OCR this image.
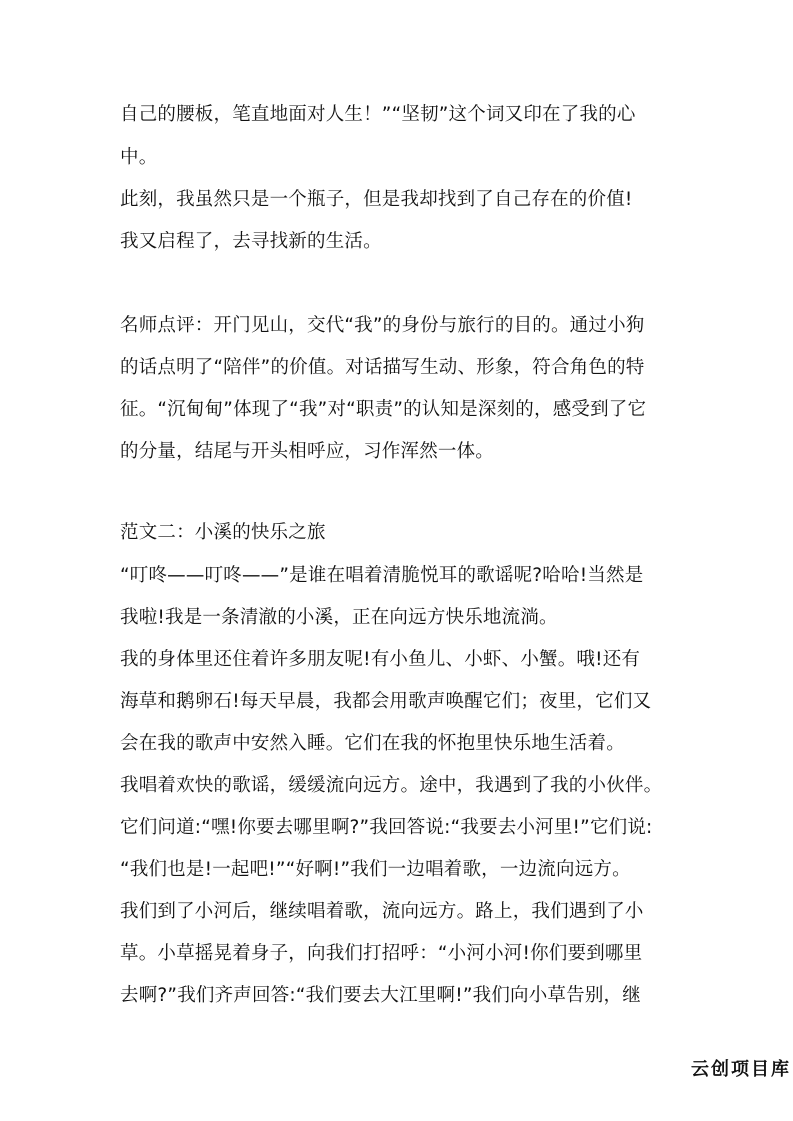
自己的腰板，笔直地面对人生！”“坚韧”这个词又印在了我的心
中。
此刻，我虽然只是一个瓶子，但是我却找到了自己存在的价值!
我又启程了，去寻找新的生活。
名师点评：开门见山，交代“我”的身份与旅行的目的。通过小狗
的话点明了“陪伴”的价值。对话描写生动、形象，符合角色的特
征。“沉甸甸”体现了“我”对“职责”的认知是深刻的，感受到了它
的分量，结尾与开头相呼应，习作浑然一体。
范文二：小溪的快乐之旅
“叮咚——叮咚——”是谁在唱着清脆悦耳的歌谣呢?哈哈!当然是
我啦!我是一条清澈的小溪，正在向远方快乐地流淌。
我的身体里还住着许多朋友呢!有小鱼儿、小虾、小蟹。哦!还有
海草和鹅卵石!每天早晨，我都会用歌声唤醒它们；夜里，它们又
会在我的歌声中安然入睡。它们在我的怀抱里快乐地生活着。
我唱着欢快的歌谣，缓缓流向远方。途中，我遇到了我的小伙伴。
它们问道:“嘿!你要去哪里啊?”我回答说:“我要去小河里!”它们说:
“我们也是!一起吧!”“好啊!”我们一边唱着歌，一边流向远方。
我们到了小河后，继续唱着歌，流向远方。路上，我们遇到了小
草。小草摇晃着身子，向我们打招呼：“小河小河!你们要到哪里
去啊?”我们齐声回答:“我们要去大江里啊!”我们向小草告别，继
云创项目库
